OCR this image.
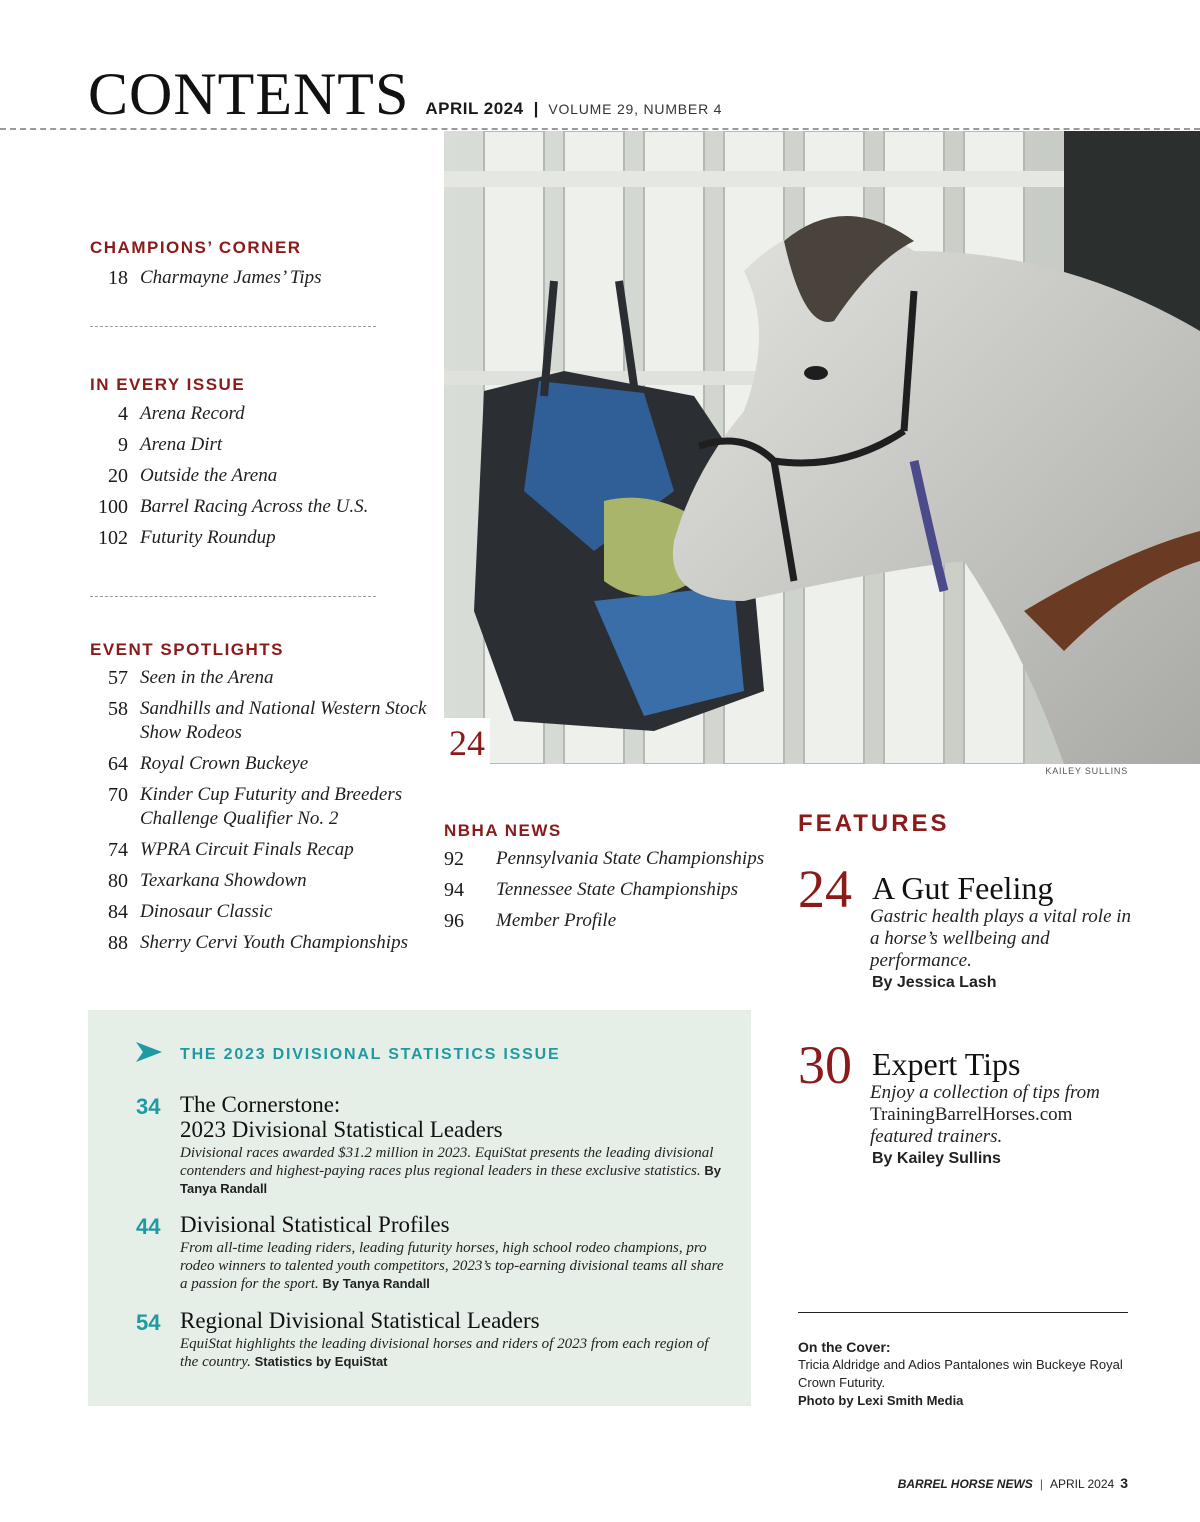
CONTENTS APRIL 2024 | VOLUME 29, NUMBER 4
24
KAILEY SULLINS
CHAMPIONS’ CORNER
18 Charmayne James’ Tips
IN EVERY ISSUE
4 Arena Record
9 Arena Dirt
20 Outside the Arena
100 Barrel Racing Across the U.S.
102 Futurity Roundup
EVENT SPOTLIGHTS
57 Seen in the Arena
58 Sandhills and National Western Stock Show Rodeos
64 Royal Crown Buckeye
70 Kinder Cup Futurity and Breeders Challenge Qualifier No. 2
74 WPRA Circuit Finals Recap
80 Texarkana Showdown
84 Dinosaur Classic
88 Sherry Cervi Youth Championships
NBHA NEWS
92	Pennsylvania State Championships
94	Tennessee State Championships
96	Member Profile
FEATURES
24 A Gut Feeling
Gastric health plays a vital role in a horse’s wellbeing and performance.
By Jessica Lash
30 Expert Tips
Enjoy a collection of tips from TrainingBarrelHorses.com featured trainers.
By Kailey Sullins
THE 2023 DIVISIONAL STATISTICS ISSUE
34 The Cornerstone:
2023 Divisional Statistical Leaders
Divisional races awarded $31.2 million in 2023. EquiStat presents the leading divisional contenders and highest-paying races plus regional leaders in these exclusive statistics. By Tanya Randall
44 Divisional Statistical Profiles
From all-time leading riders, leading futurity horses, high school rodeo champions, pro rodeo winners to talented youth competitors, 2023’s top-earning divisional teams all share a passion for the sport. By Tanya Randall
54 Regional Divisional Statistical Leaders
EquiStat highlights the leading divisional horses and riders of 2023 from each region of the country. Statistics by EquiStat
On the Cover:
Tricia Aldridge and Adios Pantalones win Buckeye Royal Crown Futurity.
Photo by Lexi Smith Media
BARREL HORSE NEWS | APRIL 2024 3
